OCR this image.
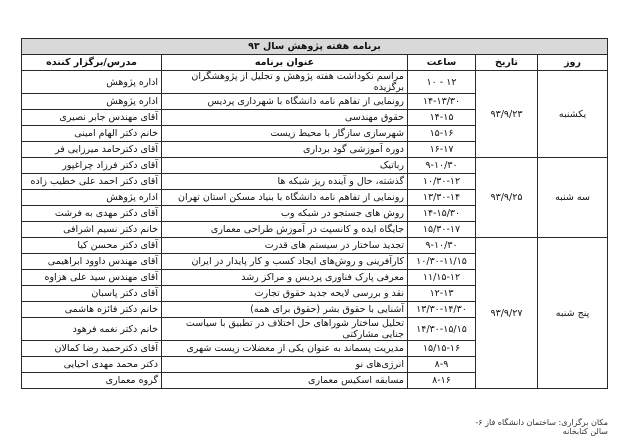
برنامه هفته پژوهش سال ۹۳				
روز	تاریخ	ساعت	عنوان برنامه	مدرس/برگزار کننده
یکشنبه	۹۳/۹/۲۳	۱۲ - ۱۰	مراسم نکوداشت هفته پژوهش و تجلیل از پژوهشگران برگزیده	اداره پژوهش
		۱۴-۱۳/۳۰	رونمایی از تفاهم نامه دانشگاه با شهرداری پردیس	اداره پژوهش
		۱۴-۱۵	حقوق مهندسی	آقای مهندس جابر نصیری
		۱۵-۱۶	شهرسازی سازگار با محیط زیست	خانم دکتر الهام امینی
		۱۶-۱۷	دوره آموزشی گود برداری	آقای دکترحامد میرزایی فر
سه شنبه	۹۳/۹/۲۵	۹-۱۰/۳۰	رباتیک	آقای دکتر فرزاد چراغپور
		۱۰/۳۰-۱۲	گذشته، حال و آینده ریز شبکه ها	آقای دکتر احمد علی خطیب زاده
		۱۳/۳۰-۱۴	رونمایی از تفاهم نامه دانشگاه با بنیاد مسکن استان تهران	اداره پژوهش
		۱۴-۱۵/۳۰	روش های جستجو در شبکه وب	آقای دکتر مهدی به فرشت
		۱۵/۳۰-۱۷	جایگاه ایده و کانسپت در آموزش طراحی معماری	خانم دکتر نسیم اشرافی
پنج شنبه	۹۳/۹/۲۷	۹-۱۰/۳۰	تجدید ساختار در سیستم های قدرت	آقای دکتر محسن کیا
		۱۰/۳۰-۱۱/۱۵	کارآفرینی و روش‌های ایجاد کسب و کار پایدار در ایران	آقای مهندس داوود ابراهیمی
		۱۱/۱۵-۱۲	معرفی پارک فناوری پردیس و مراکز رشد	آقای مهندس سید علی هزاوه
		۱۲-۱۳	نقد و بررسی لایحه جدید حقوق تجارت	آقای دکتر پاسبان
		۱۳/۳۰-۱۴/۳۰	آشنایی با حقوق بشر (حقوق برای همه)	خانم دکتر فائزه هاشمی
		۱۴/۳۰-۱۵/۱۵	تحلیل ساختار شوراهای حل اختلاف در تطبیق با سیاست جنایی مشارکتی	خانم دکتر نغمه فرهود
		۱۵/۱۵-۱۶	مدیریت پسماند به عنوان یکی از معضلات زیست شهری	آقای دکترحمید رضا کمالان
		۸-۹	انرژی‌های نو	دکتر محمد مهدی احیایی
		۸-۱۶	مسابقه اسکیس معماری	گروه معماری
مکان برگزاری: ساختمان دانشگاه فاز ۶- سالن کتابخانه
